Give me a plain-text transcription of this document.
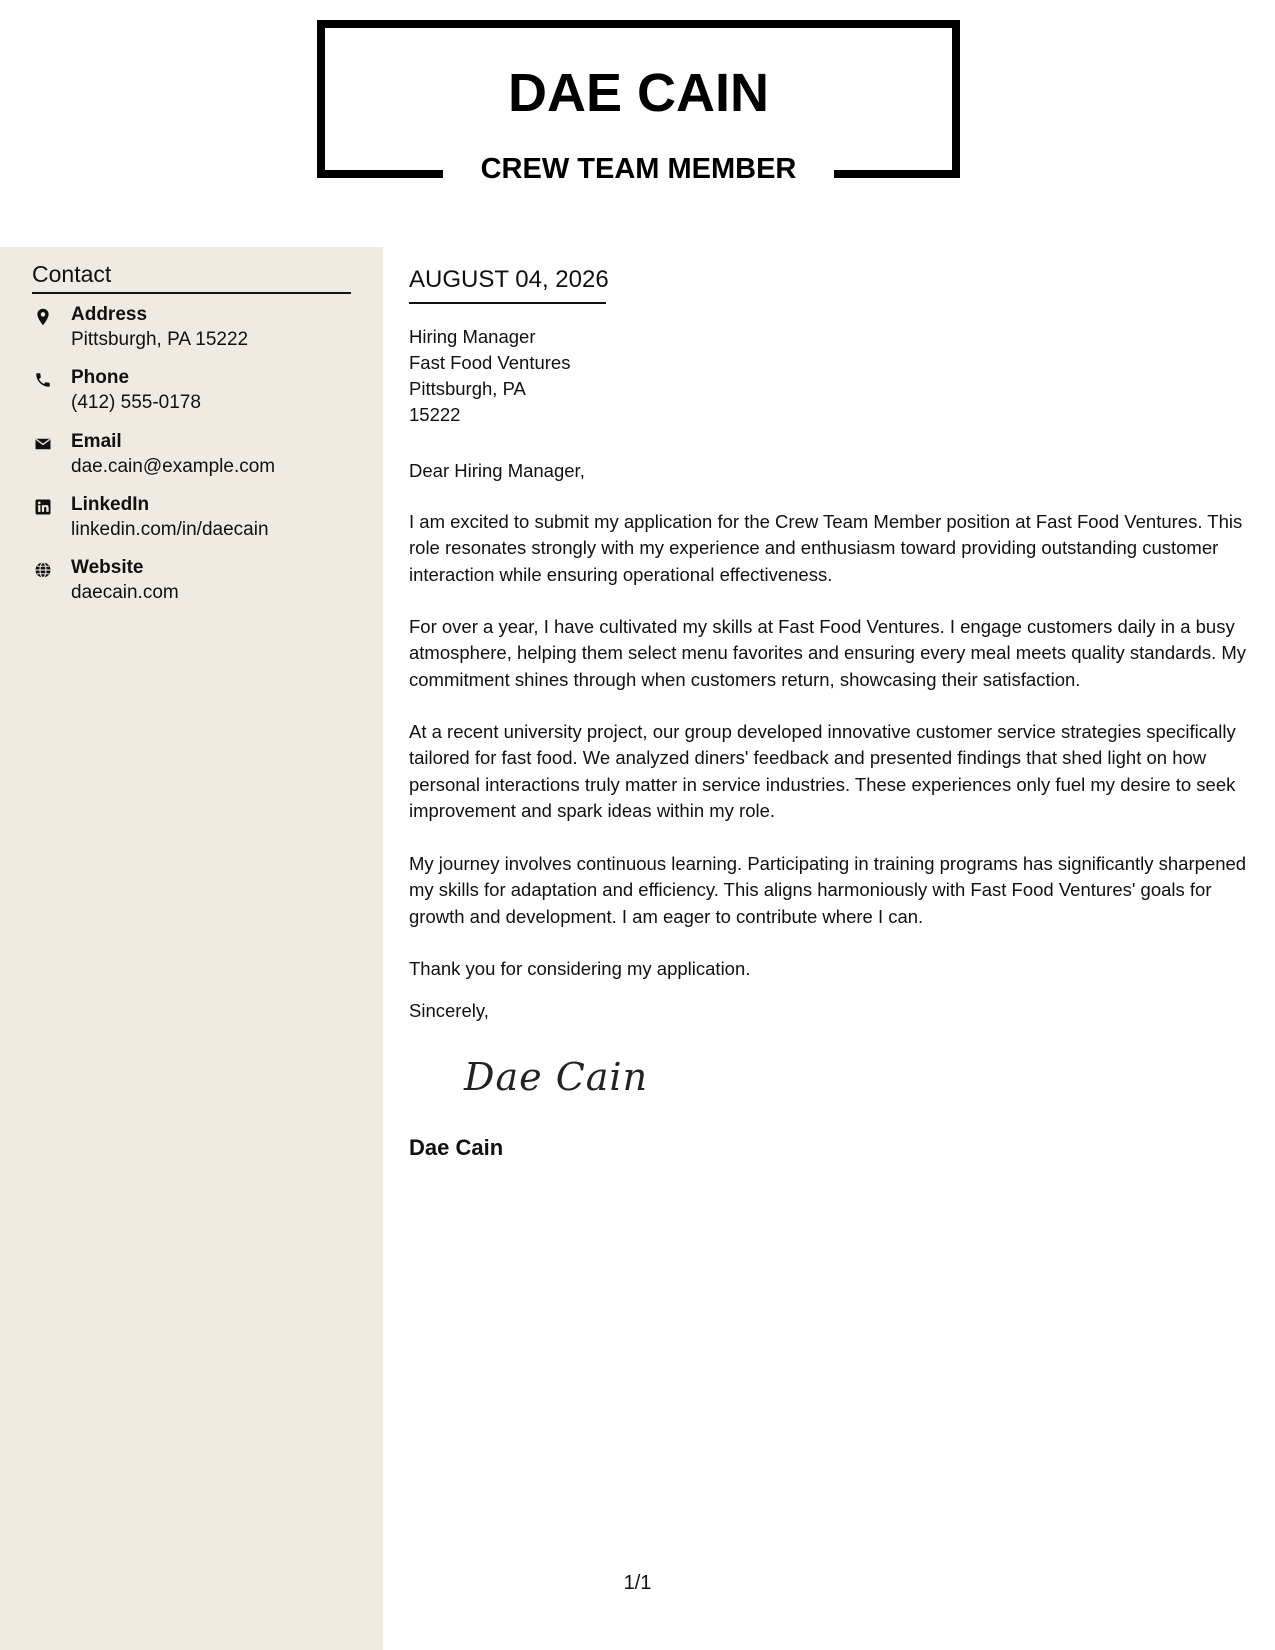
DAE CAIN
CREW TEAM MEMBER
Contact
Address
Pittsburgh, PA 15222
Phone
(412) 555-0178
Email
dae.cain@example.com
LinkedIn
linkedin.com/in/daecain
Website
daecain.com
AUGUST 04, 2026
Hiring Manager
Fast Food Ventures
Pittsburgh, PA
15222
Dear Hiring Manager,
I am excited to submit my application for the Crew Team Member position at Fast Food Ventures. This role resonates strongly with my experience and enthusiasm toward providing outstanding customer interaction while ensuring operational effectiveness.
For over a year, I have cultivated my skills at Fast Food Ventures. I engage customers daily in a busy atmosphere, helping them select menu favorites and ensuring every meal meets quality standards. My commitment shines through when customers return, showcasing their satisfaction.
At a recent university project, our group developed innovative customer service strategies specifically tailored for fast food. We analyzed diners' feedback and presented findings that shed light on how personal interactions truly matter in service industries. These experiences only fuel my desire to seek improvement and spark ideas within my role.
My journey involves continuous learning. Participating in training programs has significantly sharpened my skills for adaptation and efficiency. This aligns harmoniously with Fast Food Ventures' goals for growth and development. I am eager to contribute where I can.
Thank you for considering my application.
Sincerely,
Dae Cain
Dae Cain
1/1
